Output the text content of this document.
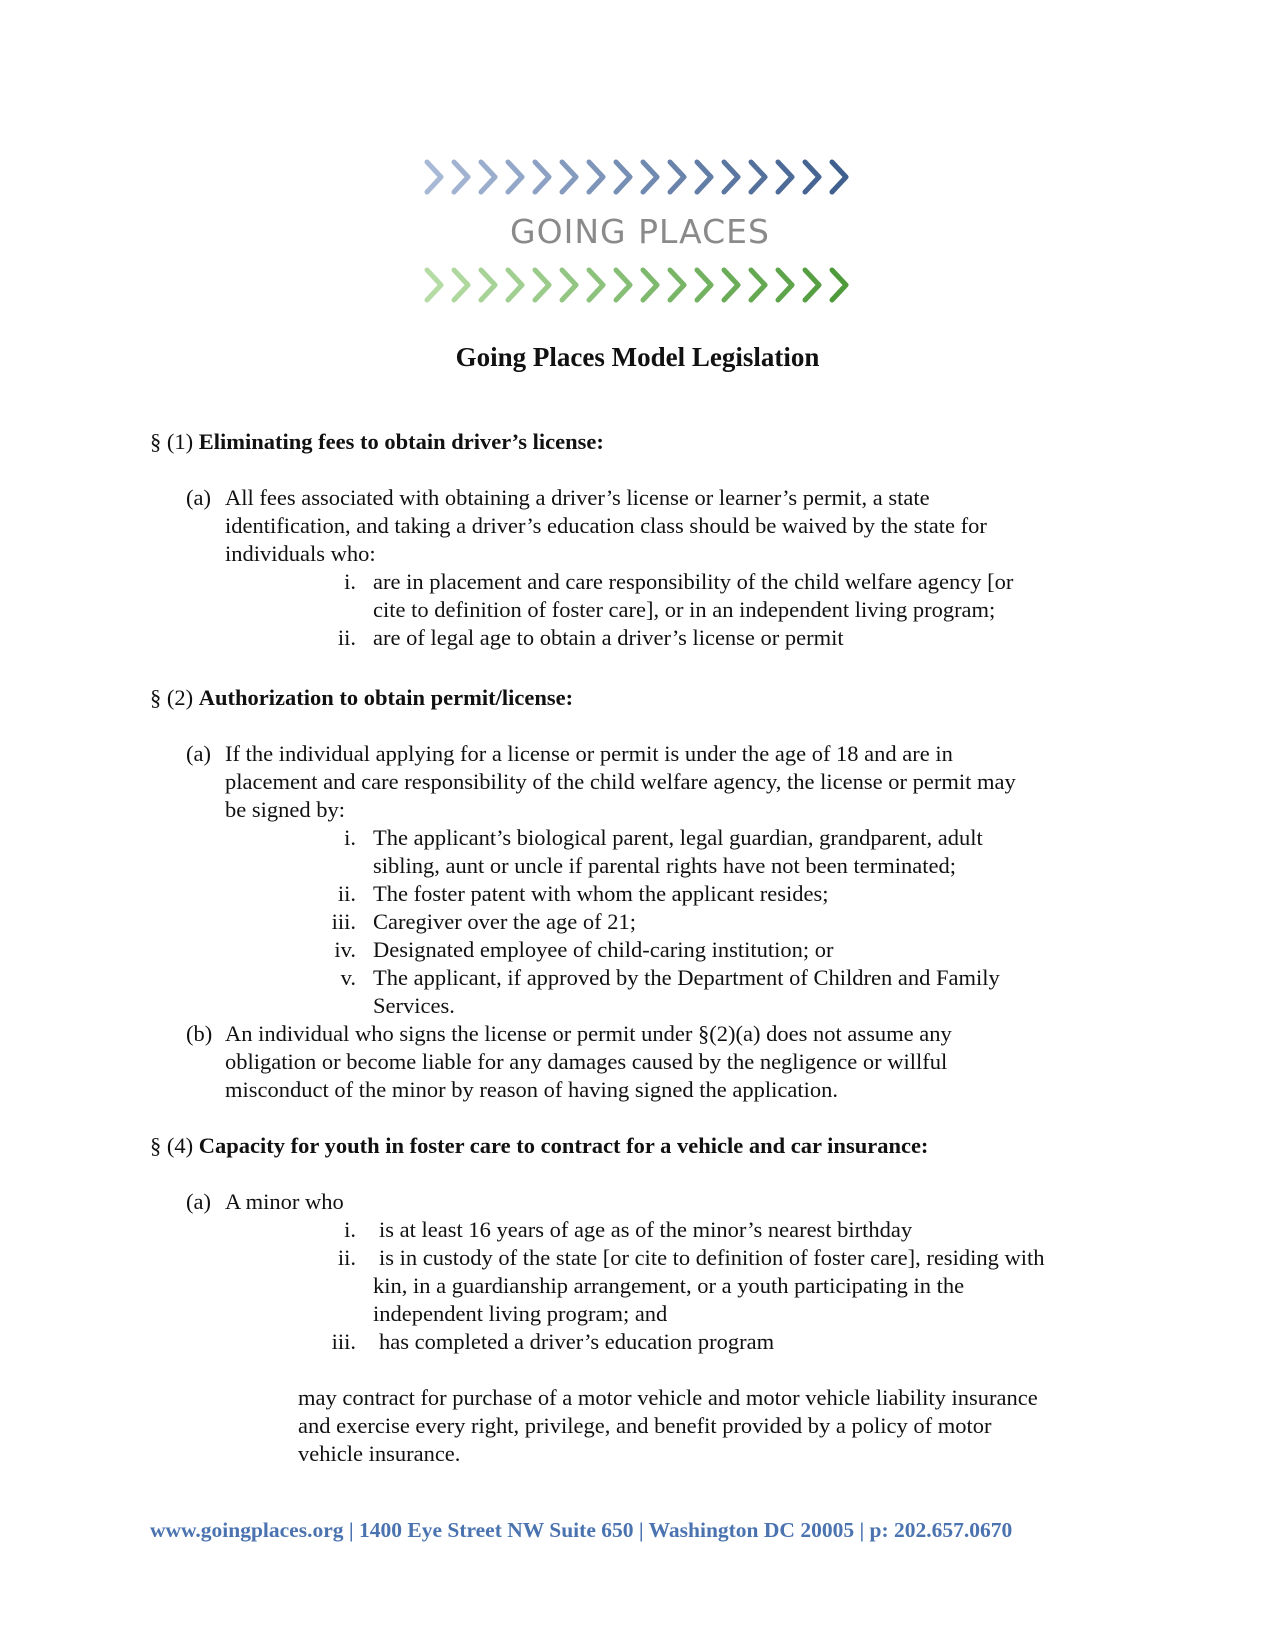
GOING PLACES
Going Places Model Legislation

§ (1) Eliminating fees to obtain driver’s license:

(a) All fees associated with obtaining a driver’s license or learner’s permit, a state

identification, and taking a driver’s education class should be waived by the state for

individuals who:

i. are in placement and care responsibility of the child welfare agency [or

cite to definition of foster care], or in an independent living program;

ii. are of legal age to obtain a driver’s license or permit

§ (2) Authorization to obtain permit/license:

(a) If the individual applying for a license or permit is under the age of 18 and are in

placement and care responsibility of the child welfare agency, the license or permit may

be signed by:

i. The applicant’s biological parent, legal guardian, grandparent, adult

sibling, aunt or uncle if parental rights have not been terminated;

ii. The foster patent with whom the applicant resides;

iii. Caregiver over the age of 21;

iv. Designated employee of child-caring institution; or

v. The applicant, if approved by the Department of Children and Family

Services.

(b) An individual who signs the license or permit under §(2)(a) does not assume any

obligation or become liable for any damages caused by the negligence or willful

misconduct of the minor by reason of having signed the application.

§ (4) Capacity for youth in foster care to contract for a vehicle and car insurance:

(a) A minor who

i. is at least 16 years of age as of the minor’s nearest birthday

ii. is in custody of the state [or cite to definition of foster care], residing with

kin, in a guardianship arrangement, or a youth participating in the

independent living program; and

iii. has completed a driver’s education program

may contract for purchase of a motor vehicle and motor vehicle liability insurance

and exercise every right, privilege, and benefit provided by a policy of motor

vehicle insurance.

www.goingplaces.org | 1400 Eye Street NW Suite 650 | Washington DC 20005 | p: 202.657.0670
